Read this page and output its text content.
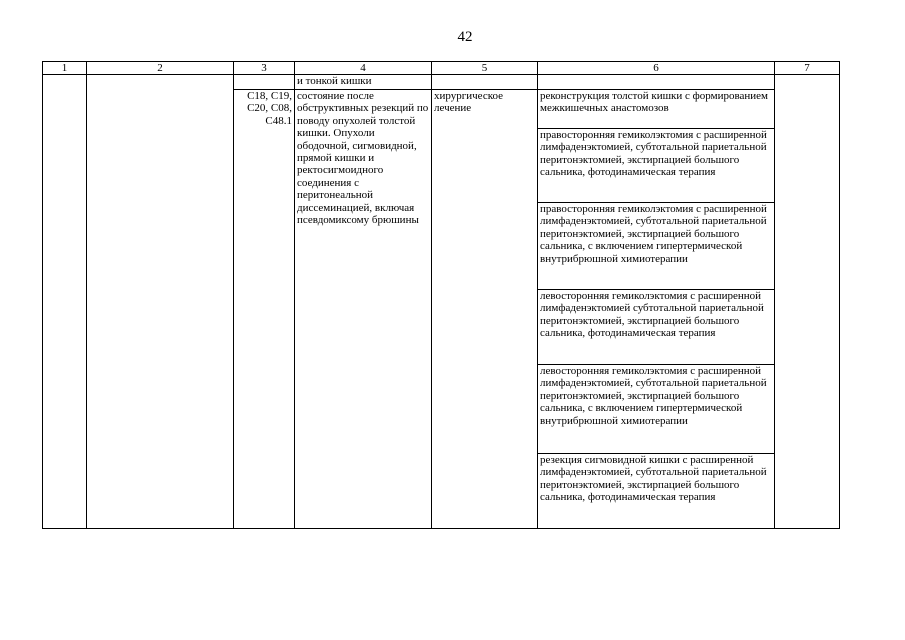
42
1	2	3	4	5	6	7
			и тонкой кишки			
		C18, C19, C20, C08, C48.1	состояние после обструктивных резекций по поводу опухолей толстой кишки. Опухоли ободочной, сигмовидной, прямой кишки и ректосигмоидного соединения с перитонеальной диссеминацией, включая псевдомиксому брюшины	хирургическое лечение	реконструкция толстой кишки с формированием межкишечных анастомозов	
					правосторонняя гемиколэктомия с расширенной лимфаденэктомией, субтотальной париетальной перитонэктомией, экстирпацией большого сальника, фотодинамическая терапия	
					правосторонняя гемиколэктомия с расширенной лимфаденэктомией, субтотальной париетальной перитонэктомией, экстирпацией большого сальника, с включением гипертермической внутрибрюшной химиотерапии	
					левосторонняя гемиколэктомия с расширенной лимфаденэктомией субтотальной париетальной перитонэктомией, экстирпацией большого сальника, фотодинамическая терапия	
					левосторонняя гемиколэктомия с расширенной лимфаденэктомией, субтотальной париетальной перитонэктомией, экстирпацией большого сальника, с включением гипертермической внутрибрюшной химиотерапии	
					резекция сигмовидной кишки с расширенной лимфаденэктомией, субтотальной париетальной перитонэктомией, экстирпацией большого сальника, фотодинамическая терапия	
